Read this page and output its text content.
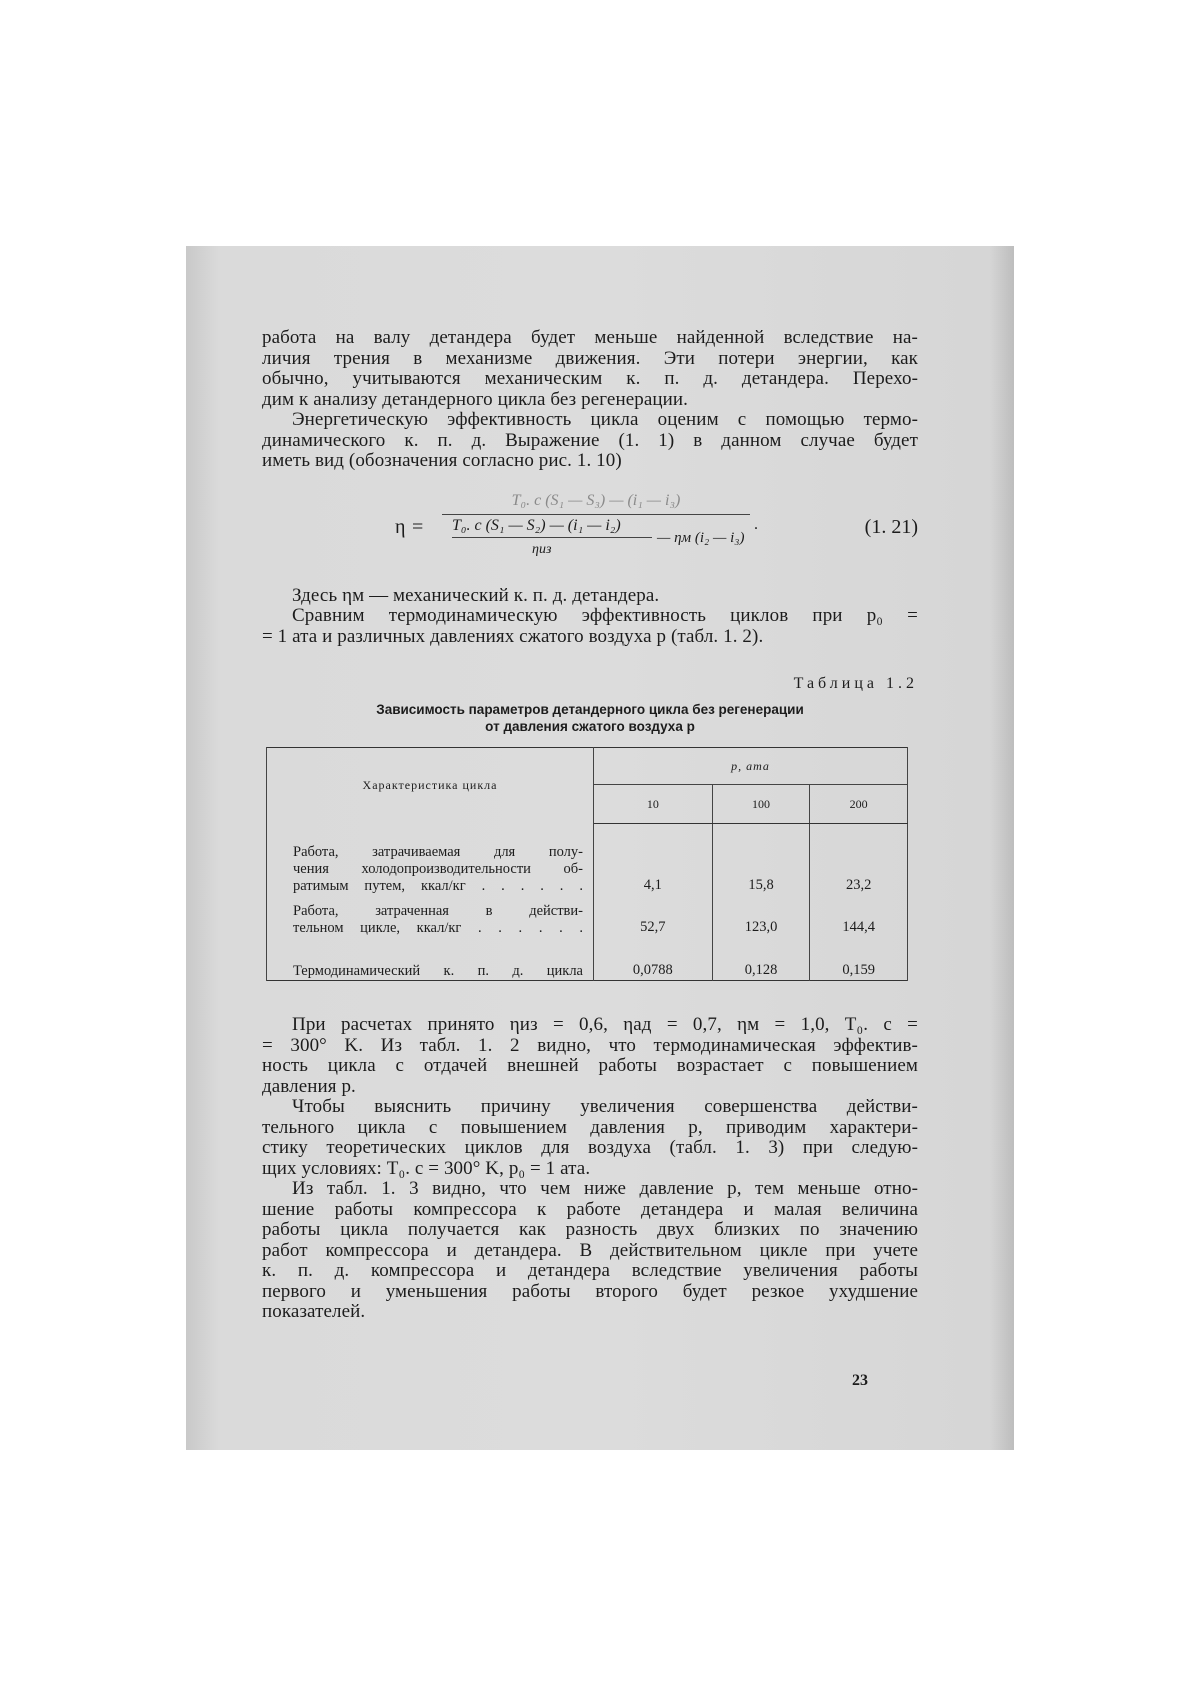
работа на валу детандера будет меньше найденной вследствие на-

личия трения в механизме движения. Эти потери энергии, как

обычно, учитываются механическим к. п. д. детандера. Перехо-

дим к анализу детандерного цикла без регенерации.

Энергетическую эффективность цикла оценим с помощью термо-

динамического к. п. д. Выражение (1. 1) в данном случае будет

иметь вид (обозначения согласно рис. 1. 10)

η =
T₀. c (S₁ — S₃) — (i₁ — i₃)
T₀. c (S₁ — S₂) — (i₁ — i₂)
ηиз
— ηм (i₂ — i₃)
.	(1. 21)

Здесь ηм — механический к. п. д. детандера.

Сравним термодинамическую эффективность циклов при p₀ =

= 1 ата и различных давлениях сжатого воздуха p (табл. 1. 2).

Таблица 1.2
Зависимость параметров детандерного цикла без регенерации
от давления сжатого воздуха p
Характеристика цикла	p, ата		
	10	100	200

Работа, затрачиваемая для полу-
чения холодопроизводительности об-
ратимым путем, ккал/кг . . . . . .	4,1	15,8	23,2

Работа, затраченная в действи-
тельном цикле, ккал/кг . . . . . .	52,7	123,0	144,4

Термодинамический к. п. д. цикла	0,0788	0,128	0,159

При расчетах принято ηиз = 0,6, ηад = 0,7, ηм = 1,0, T₀. c =

= 300° K. Из табл. 1. 2 видно, что термодинамическая эффектив-

ность цикла с отдачей внешней работы возрастает с повышением

давления p.

Чтобы выяснить причину увеличения совершенства действи-

тельного цикла с повышением давления p, приводим характери-

стику теоретических циклов для воздуха (табл. 1. 3) при следую-

щих условиях: T₀. c = 300° K, p₀ = 1 ата.

Из табл. 1. 3 видно, что чем ниже давление p, тем меньше отно-

шение работы компрессора к работе детандера и малая величина

работы цикла получается как разность двух близких по значению

работ компрессора и детандера. В действительном цикле при учете

к. п. д. компрессора и детандера вследствие увеличения работы

первого и уменьшения работы второго будет резкое ухудшение

показателей.

23
